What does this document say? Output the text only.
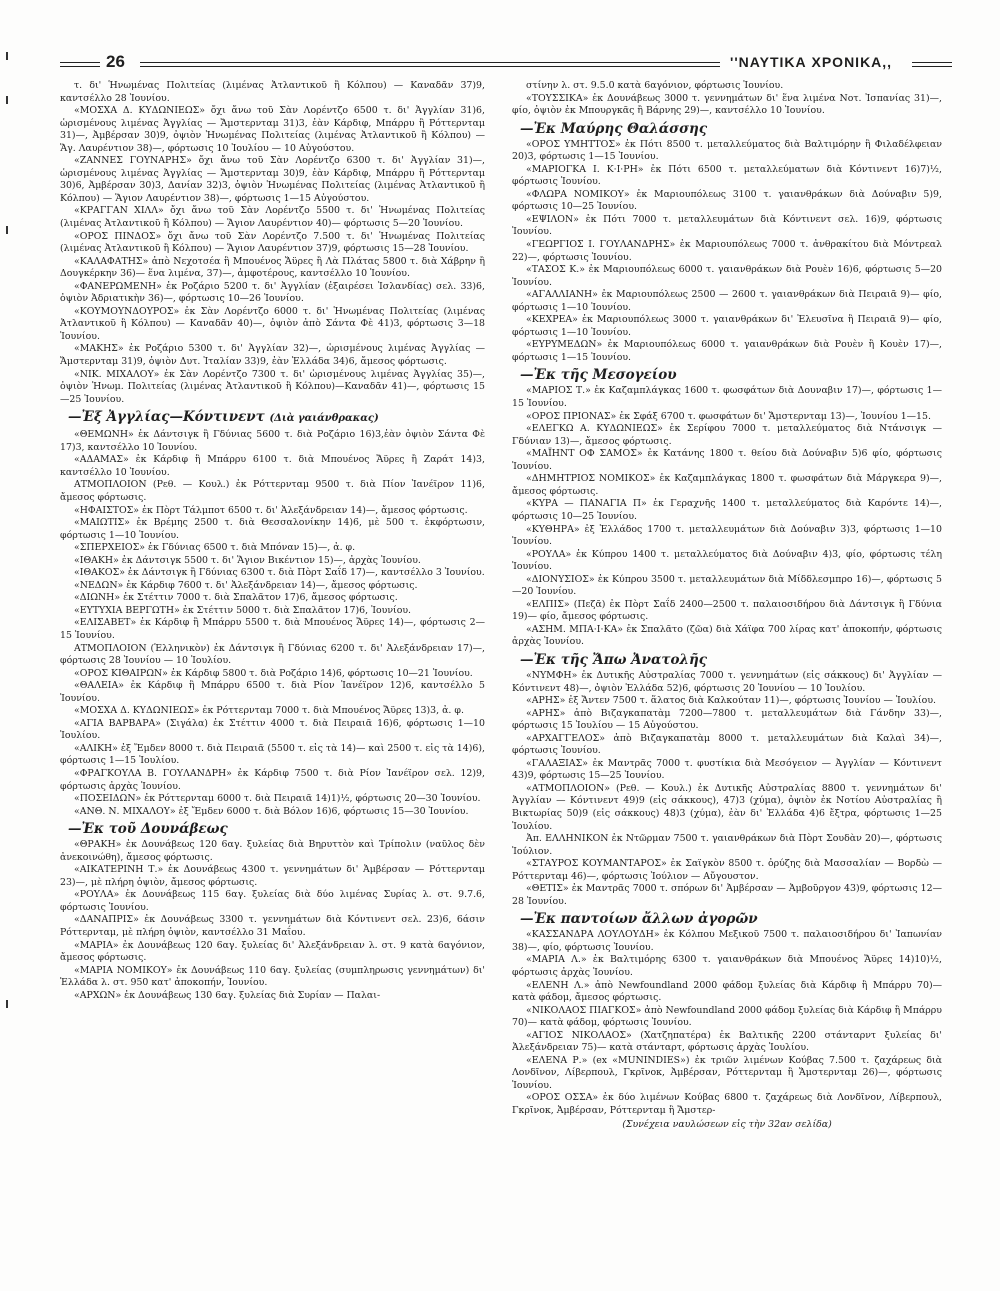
26	''ΝΑΥΤΙΚΑ ΧΡΟΝΙΚΑ,,
τ. δι' Ἡνωμένας Πολιτείας (λιμένας Ἀτλαντικοῦ ἢ Κόλπου) — Καναδᾶν 37)9, καντσέλλο 28 Ἰουνίου.
«ΜΟΣΧΑ Δ. ΚΥΔΩΝΙΕΩΣ» ὄχι ἄνω τοῦ Σὰν Λορέντζο 6500 τ. δι' Ἀγγλίαν 31)6, ὡρισμένους λιμένας Ἀγγλίας — Ἄμστερνταμ 31)3, ἐὰν Κάρδιφ, Μπάρρυ ἢ Ρόττερνταμ 31)—, Ἀμβέρσαν 30)9, ὀψιὸν Ἡνωμένας Πολιτείας (λιμένας Ἀτλαντικοῦ ἢ Κόλπου) — Ἅγ. Λαυρέντιον 38)—, φόρτωσις 10 Ἰουλίου — 10 Αὐγούστου.
«ΖΑΝΝΕΣ ΓΟΥΝΑΡΗΣ» ὄχι ἄνω τοῦ Σὰν Λορέντζο 6300 τ. δι' Ἀγγλίαν 31)—, ὡρισμένους λιμένας Ἀγγλίας — Ἄμστερνταμ 30)9, ἐὰν Κάρδιφ, Μπάρρυ ἢ Ρόττερνταμ 30)6, Ἀμβέρσαν 30)3, Δανίαν 32)3, ὀψιὸν Ἡνωμένας Πολιτείας (λιμένας Ἀτλαντικοῦ ἢ Κόλπου) — Ἅγιον Λαυρέντιον 38)—, φόρτωσις 1—15 Αὐγούστου.
«ΚΡΑΓΓΑΝ ΧΙΛΛ» ὄχι ἄνω τοῦ Σὰν Λορέντζο 5500 τ. δι' Ἡνωμένας Πολιτείας (λιμένας Ἀτλαντικοῦ ἢ Κόλπου) — Ἅγιον Λαυρέντιον 40)— φόρτωσις 5—20 Ἰουνίου.
«ΟΡΟΣ ΠΙΝΔΟΣ» ὄχι ἄνω τοῦ Σὰν Λορέντζο 7.500 τ. δι' Ἡνωμένας Πολιτείας (λιμένας Ἀτλαντικοῦ ἢ Κόλπου) — Ἅγιον Λαυρέντιον 37)9, φόρτωσις 15—28 Ἰουνίου.
«ΚΑΛΑΦΑΤΗΣ» ἀπὸ Νεχοτσέα ἢ Μπουένος Ἄϋρες ἢ Λὰ Πλάτας 5800 τ. διὰ Χάβρην ἢ Δουγκέρκην 36)— ἕνα λιμένα, 37)—, ἀμφοτέρους, καντσέλλο 10 Ἰουνίου.
«ΦΑΝΕΡΩΜΕΝΗ» ἐκ Ροζάριο 5200 τ. δι' Ἀγγλίαν (ἐξαιρέσει Ἰσλανδίας) σελ. 33)6, ὀψιὸν Ἀδριατικὴν 36)—, φόρτωσις 10—26 Ἰουνίου.
«ΚΟΥΜΟΥΝΔΟΥΡΟΣ» ἐκ Σὰν Λορέντζο 6000 τ. δι' Ἡνωμένας Πολιτείας (λιμένας Ἀτλαντικοῦ ἢ Κόλπου) — Καναδᾶν 40)—, ὀψιὸν ἀπὸ Σάντα Φὲ 41)3, φόρτωσις 3—18 Ἰουνίου.
«ΜΑΚΗΣ» ἐκ Ροζάριο 5300 τ. δι' Ἀγγλίαν 32)—, ὡρισμένους λιμένας Ἀγγλίας — Ἄμστερνταμ 31)9, ὀψιὸν Δυτ. Ἰταλίαν 33)9, ἐὰν Ἑλλάδα 34)6, ἄμεσος φόρτωσις.
«ΝΙΚ. ΜΙΧΑΛΟΥ» ἐκ Σὰν Λορέντζο 7300 τ. δι' ὡρισμένους λιμένας Ἀγγλίας 35)—, ὀψιὸν Ἡνωμ. Πολιτείας (λιμένας Ἀτλαντικοῦ ἢ Κόλπου)—Καναδᾶν 41)—, φόρτωσις 15—25 Ἰουνίου.
—Ἐξ Ἀγγλίας—Κόντινεντ (Διὰ γαιάνθρακας)
«ΘΕΜΩΝΗ» ἐκ Δάντσιγκ ἢ Γδύνιας 5600 τ. διὰ Ροζάριο 16)3,ἐὰν ὀψιὸν Σάντα Φὲ 17)3, καντσέλλο 10 Ἰουνίου.
«ΑΔΑΜΑΣ» ἐκ Κάρδιφ ἢ Μπάρρυ 6100 τ. διὰ Μπουένος Ἄϋρες ἢ Ζαράτ 14)3, καντσέλλο 10 Ἰουνίου.
ΑΤΜΟΠΛΟΙΟΝ (Ρεθ. — Κουλ.) ἐκ Ρόττερνταμ 9500 τ. διὰ Πίον Ἰανέϊρον 11)6, ἄμεσος φόρτωσις.
«ΗΦΑΙΣΤΟΣ» ἐκ Πὸρτ Τάλμποτ 6500 τ. δι' Ἀλεξάνδρειαν 14)—, ἄμεσος φόρτωσις.
«ΜΑΙΩΤΙΣ» ἐκ Βρέμης 2500 τ. διὰ Θεσσαλονίκην 14)6, μὲ 500 τ. ἐκφόρτωσιν, φόρτωσις 1—10 Ἰουνίου.
«ΣΠΕΡΧΕΙΟΣ» ἐκ Γδύνιας 6500 τ. διὰ Μπόναν 15)—, ἀ. φ.
«ΙΘΑΚΗ» ἐκ Δάντσιγκ 5500 τ. δι' Ἅγιον Βικέντιον 15)—, ἀρχὰς Ἰουνίου.
«ΙΘΑΚΟΣ» ἐκ Δάντσιγκ ἢ Γδύνιας 6300 τ. διὰ Πὸρτ Σαΐδ 17)—, καντσέλλο 3 Ἰουνίου.
«ΝΕΔΩΝ» ἐκ Κάρδιφ 7600 τ. δι' Ἀλεξάνδρειαν 14)—, ἄμεσος φόρτωσις.
«ΔΙΩΝΗ» ἐκ Στέττιν 7000 τ. διὰ Σπαλᾶτον 17)6, ἄμεσος φόρτωσις.
«ΕΥΤΥΧΙΑ ΒΕΡΓΩΤΗ» ἐκ Στέττιν 5000 τ. διὰ Σπαλᾶτον 17)6, Ἰουνίου.
«ΕΛΙΣΑΒΕΤ» ἐκ Κάρδιφ ἢ Μπάρρυ 5500 τ. διὰ Μπουένος Ἄϋρες 14)—, φόρτωσις 2—15 Ἰουνίου.
ΑΤΜΟΠΛΟΙΟΝ (Ἑλληνικὸν) ἐκ Δάντσιγκ ἢ Γδύνιας 6200 τ. δι' Ἀλεξάνδρειαν 17)—, φόρτωσις 28 Ἰουνίου — 10 Ἰουλίου.
«ΟΡΟΣ ΚΙΘΑΙΡΩΝ» ἐκ Κάρδιφ 5800 τ. διὰ Ροζάριο 14)6, φόρτωσις 10—21 Ἰουνίου.
«ΘΑΛΕΙΑ» ἐκ Κάρδιφ ἢ Μπάρρυ 6500 τ. διὰ Ρίον Ἰανέϊρον 12)6, καντσέλλο 5 Ἰουνίου.
«ΜΟΣΧΑ Δ. ΚΥΔΩΝΙΕΩΣ» ἐκ Ρόττερνταμ 7000 τ. διὰ Μπουένος Ἄϋρες 13)3, ἀ. φ.
«ΑΓΙΑ ΒΑΡΒΑΡΑ» (Σιγάλα) ἐκ Στέττιν 4000 τ. διὰ Πειραιᾶ 16)6, φόρτωσις 1—10 Ἰουλίου.
«ΑΛΙΚΗ» ἐξ Ἔμδεν 8000 τ. διὰ Πειραιᾶ (5500 τ. εἰς τὰ 14)— καὶ 2500 τ. εἰς τὰ 14)6), φόρτωσις 1—15 Ἰουλίου.
«ΦΡΑΓΚΟΥΛΑ Β. ΓΟΥΛΑΝΔΡΗ» ἐκ Κάρδιφ 7500 τ. διὰ Ρίον Ἰανέϊρον σελ. 12)9, φόρτωσις ἀρχὰς Ἰουνίου.
«ΠΟΣΕΙΔΩΝ» ἐκ Ρόττερνταμ 6000 τ. διὰ Πειραιᾶ 14)1)½, φόρτωσις 20—30 Ἰουνίου.
«ΑΝΘ. Ν. ΜΙΧΑΛΟΥ» ἐξ Ἔμδεν 6000 τ. διὰ Βόλον 16)6, φόρτωσις 15—30 Ἰουνίου.
—Ἐκ τοῦ Δουνάβεως
«ΘΡΑΚΗ» ἐκ Δουνάβεως 120 6αγ. ξυλείας διὰ Βηρυττὸν καὶ Τρίπολιν (ναῦλος δὲν ἀνεκοινώθη), ἄμεσος φόρτωσις.
«ΑΙΚΑΤΕΡΙΝΗ Τ.» ἐκ Δουνάβεως 4300 τ. γεννημάτων δι' Ἀμβέρσαν — Ρόττερνταμ 23)—, μὲ πλήρη ὀψιὸν, ἄμεσος φόρτωσις.
«ΡΟΥΛΑ» ἐκ Δουνάβεως 115 6αγ. ξυλείας διὰ δύο λιμένας Συρίας λ. στ. 9.7.6, φόρτωσις Ἰουνίου.
«ΔΑΝΑΠΡΙΣ» ἐκ Δουνάβεως 3300 τ. γεννημάτων διὰ Κόντινεντ σελ. 23)6, 6άσιν Ρόττερνταμ, μὲ πλήρη ὀψιὸν, καντσέλλο 31 Μαΐου.
«ΜΑΡΙΑ» ἐκ Δουνάβεως 120 6αγ. ξυλείας δι' Ἀλεξάνδρειαν λ. στ. 9 κατὰ 6αγόνιον, ἄμεσος φόρτωσις.
«ΜΑΡΙΑ ΝΟΜΙΚΟΥ» ἐκ Δουνάβεως 110 6αγ. ξυλείας (συμπληρωσις γεννημάτων) δι' Ἑλλάδα λ. στ. 950 κατ' ἀποκοπήν, Ἰουνίου.
«ΑΡΧΩΝ» ἐκ Δουνάβεως 130 6αγ. ξυλείας διὰ Συρίαν — Παλαι-
στίνην λ. στ. 9.5.0 κατὰ 6αγόνιον, φόρτωσις Ἰουνίου.
«ΤΟΥΣΣΙΚΑ» ἐκ Δουνάβεως 3000 τ. γεννημάτων δι' ἕνα λιμένα Νοτ. Ἰσπανίας 31)—, φίο, ὀψιὸν ἐκ Μπουργκᾶς ἢ Βάρνης 29)—, καντσέλλο 10 Ἰουνίου.
—Ἐκ Μαύρης Θαλάσσης
«ΟΡΟΣ ΥΜΗΤΤΟΣ» ἐκ Πότι 8500 τ. μεταλλεύματος διὰ Βαλτιμόρην ἢ Φιλαδέλφειαν 20)3, φόρτωσις 1—15 Ἰουνίου.
«ΜΑΡΙΟΓΚΑ Ι. Κ·Ι·ΡΗ» ἐκ Πότι 6500 τ. μεταλλεύματων διὰ Κόντινεντ 16)7)½, φόρτωσις Ἰουνίου.
«ΦΛΩΡΑ ΝΟΜΙΚΟΥ» ἐκ Μαριουπόλεως 3100 τ. γαιανθράκων διὰ Δούναβιν 5)9, φόρτωσις 10—25 Ἰουνίου.
«ΕΨΙΛΟΝ» ἐκ Πότι 7000 τ. μεταλλευμάτων διὰ Κόντινεντ σελ. 16)9, φόρτωσις Ἰουνίου.
«ΓΕΩΡΓΙΟΣ Ι. ΓΟΥΛΑΝΔΡΗΣ» ἐκ Μαριουπόλεως 7000 τ. ἀνθρακίτου διὰ Μόντρεαλ 22)—, φόρτωσις Ἰουνίου.
«ΤΑΣΟΣ Κ.» ἐκ Μαριουπόλεως 6000 τ. γαιανθράκων διὰ Ρουὲν 16)6, φόρτωσις 5—20 Ἰουνίου.
«ΑΓΑΛΛΙΑΝΗ» ἐκ Μαριουπόλεως 2500 — 2600 τ. γαιανθράκων διὰ Πειραιᾶ 9)— φίο, φόρτωσις 1—10 Ἰουνίου.
«ΚΕΧΡΕΑ» ἐκ Μαριουπόλεως 3000 τ. γαιανθράκων δι' Ἐλευσῖνα ἢ Πειραιᾶ 9)— φίο, φόρτωσις 1—10 Ἰουνίου.
«ΕΥΡΥΜΕΔΩΝ» ἐκ Μαριουπόλεως 6000 τ. γαιανθράκων διὰ Ρουὲν ἢ Κουὲν 17)—, φόρτωσις 1—15 Ἰουνίου.
—Ἐκ τῆς Μεσογείου
«ΜΑΡΙΟΣ Τ.» ἐκ Καζαμπλάγκας 1600 τ. φωσφάτων διὰ Δουναβιν 17)—, φόρτωσις 1—15 Ἰουνίου.
«ΟΡΟΣ ΠΡΙΟΝΑΣ» ἐκ Σφάξ 6700 τ. φωσφάτων δι' Ἄμστερνταμ 13)—, Ἰουνίου 1—15.
«ΕΛΕΓΚΩ Α. ΚΥΔΩΝΙΕΩΣ» ἐκ Σερίφου 7000 τ. μεταλλεύματος διὰ Ντάνσιγκ — Γδύνιαν 13)—, ἄμεσος φόρτωσις.
«ΜΑΪΗΝΤ ΟΦ ΣΑΜΟΣ» ἐκ Κατάνης 1800 τ. θείου διὰ Δούναβιν 5)6 φίο, φόρτωσις Ἰουνίου.
«ΔΗΜΗΤΡΙΟΣ ΝΟΜΙΚΟΣ» ἐκ Καζαμπλάγκας 1800 τ. φωσφάτων διὰ Μάργκερα 9)—, ἄμεσος φόρτωσις.
«ΚΥΡΑ — ΠΑΝΑΓΙΑ Π» ἐκ Γεραχνῆς 1400 τ. μεταλλεύματος διὰ Καρόντε 14)—, φόρτωσις 10—25 Ἰουνίου.
«ΚΥΘΗΡΑ» ἐξ Ἑλλάδος 1700 τ. μεταλλευμάτων διὰ Δούναβιν 3)3, φόρτωσις 1—10 Ἰουνίου.
«ΡΟΥΛΑ» ἐκ Κύπρου 1400 τ. μεταλλεύματος διὰ Δούναβιν 4)3, φίο, φόρτωσις τέλη Ἰουνίου.
«ΔΙΟΝΥΣΙΟΣ» ἐκ Κύπρου 3500 τ. μεταλλευμάτων διὰ Μίδδλεσμπρο 16)—, φόρτωσις 5—20 Ἰουνίου.
«ΕΛΠΙΣ» (Πεζᾶ) ἐκ Πὸρτ Σαΐδ 2400—2500 τ. παλαιοσιδήρου διὰ Δάντσιγκ ἢ Γδύνια 19)— φίο, ἄμεσος φόρτωσις.
«ΑΣΗΜ. ΜΠΑ·Ι·ΚΑ» ἐκ Σπαλᾶτο (ζῶα) διὰ Χάϊφα 700 λίρας κατ' ἀποκοπήν, φόρτωσις ἀρχὰς Ἰουνίου.
—Ἐκ τῆς Ἄπω Ἀνατολῆς
«ΝΥΜΦΗ» ἐκ Δυτικῆς Αὐστραλίας 7000 τ. γεννημάτων (εἰς σάκκους) δι' Ἀγγλίαν — Κόντινεντ 48)—, ὀψιὸν Ἑλλάδα 52)6, φόρτωσις 20 Ἰουνίου — 10 Ἰουλίου.
«ΑΡΗΣ» ἐξ Ἄντεν 7500 τ. ἅλατος διὰ Καλκούταν 11)—, φόρτωσις Ἰουνίου — Ἰουλίου.
«ΑΡΗΣ» ἀπὸ Βιζαγκαπατὰμ 7200—7800 τ. μεταλλευμάτων διὰ Γάνδην 33)—, φόρτωσις 15 Ἰουλίου — 15 Αὐγούστου.
«ΑΡΧΑΓΓΕΛΟΣ» ἀπὸ Βιζαγκαπατὰμ 8000 τ. μεταλλευμάτων διὰ Καλαὶ 34)—, φόρτωσις Ἰουνίου.
«ΓΑΛΑΞΙΑΣ» ἐκ Μαντρᾶς 7000 τ. φυστίκια διὰ Μεσόγειον — Ἀγγλίαν — Κόντινεντ 43)9, φόρτωσις 15—25 Ἰουνίου.
«ΑΤΜΟΠΛΟΙΟΝ» (Ρεθ. — Κουλ.) ἐκ Δυτικῆς Αὐστραλίας 8800 τ. γεννημάτων δι' Ἀγγλίαν — Κόντινεντ 49)9 (εἰς σάκκους), 47)3 (χύμα), ὀψιὸν ἐκ Νοτίου Αὐστραλίας ἢ Βικτωρίας 50)9 (εἰς σάκκους) 48)3 (χύμα), ἐὰν δι' Ἑλλάδα 4)6 ἔξτρα, φόρτωσις 1—25 Ἰουλίου.
Ἀπ. ΕΛΛΗΝΙΚΟΝ ἐκ Ντῶρμαν 7500 τ. γαιανθράκων διὰ Πὸρτ Σουδὰν 20)—, φόρτωσις Ἰούλιον.
«ΣΤΑΥΡΟΣ ΚΟΥΜΑΝΤΑΡΟΣ» ἐκ Σαϊγκὸν 8500 τ. ὀρύζης διὰ Μασσαλίαν — Βορδὼ — Ρόττερνταμ 46)—, φόρτωσις Ἰούλιον — Αὔγουστον.
«ΘΕΤΙΣ» ἐκ Μαντρᾶς 7000 τ. σπόρων δι' Ἀμβέρσαν — Ἀμβοῦργον 43)9, φόρτωσις 12—28 Ἰουνίου.
—Ἐκ παντοίων ἄλλων ἀγορῶν
«ΚΑΣΣΑΝΔΡΑ ΛΟΥΛΟΥΔΗ» ἐκ Κόλπου Μεξικοῦ 7500 τ. παλαιοσιδήρου δι' Ἰαπωνίαν 38)—, φίο, φόρτωσις Ἰουνίου.
«ΜΑΡΙΑ Λ.» ἐκ Βαλτιμόρης 6300 τ. γαιανθράκων διὰ Μπουένος Ἄϋρες 14)10)½, φόρτωσις ἀρχὰς Ἰουνίου.
«ΕΛΕΝΗ Λ.» ἀπὸ Newfoundland 2000 φάδομ ξυλείας διὰ Κάρδιφ ἢ Μπάρρυ 70)— κατὰ φάδομ, ἄμεσος φόρτωσις.
«ΝΙΚΟΛΑΟΣ ΠΙΑΓΚΟΣ» ἀπὸ Newfoundland 2000 φάδομ ξυλείας διὰ Κάρδιφ ἢ Μπάρρυ 70)— κατὰ φάδομ, φόρτωσις Ἰουνίου.
«ΑΓΙΟΣ ΝΙΚΟΛΑΟΣ» (Χατζηπατέρα) ἐκ Βαλτικῆς 2200 στάνταρντ ξυλείας δι' Ἀλεξάνδρειαν 75)— κατὰ στάνταρτ, φόρτωσις ἀρχὰς Ἰουλίου.
«ΕΛΕΝΑ Ρ.» (ex «MUNINDIES») ἐκ τριῶν λιμένων Κούβας 7.500 τ. ζαχάρεως διὰ Λονδῖνον, Λίβερπουλ, Γκρῖνοκ, Ἀμβέρσαν, Ρόττερνταμ ἢ Ἄμστερνταμ 26)—, φόρτωσις Ἰουνίου.
«ΟΡΟΣ ΟΣΣΑ» ἐκ δύο λιμένων Κούβας 6800 τ. ζαχάρεως διὰ Λονδῖνον, Λίβερπουλ, Γκρῖνοκ, Ἀμβέρσαν, Ρόττερνταμ ἢ Ἄμστερ-
(Συνέχεια ναυλώσεων εἰς τὴν 32αν σελίδα)
